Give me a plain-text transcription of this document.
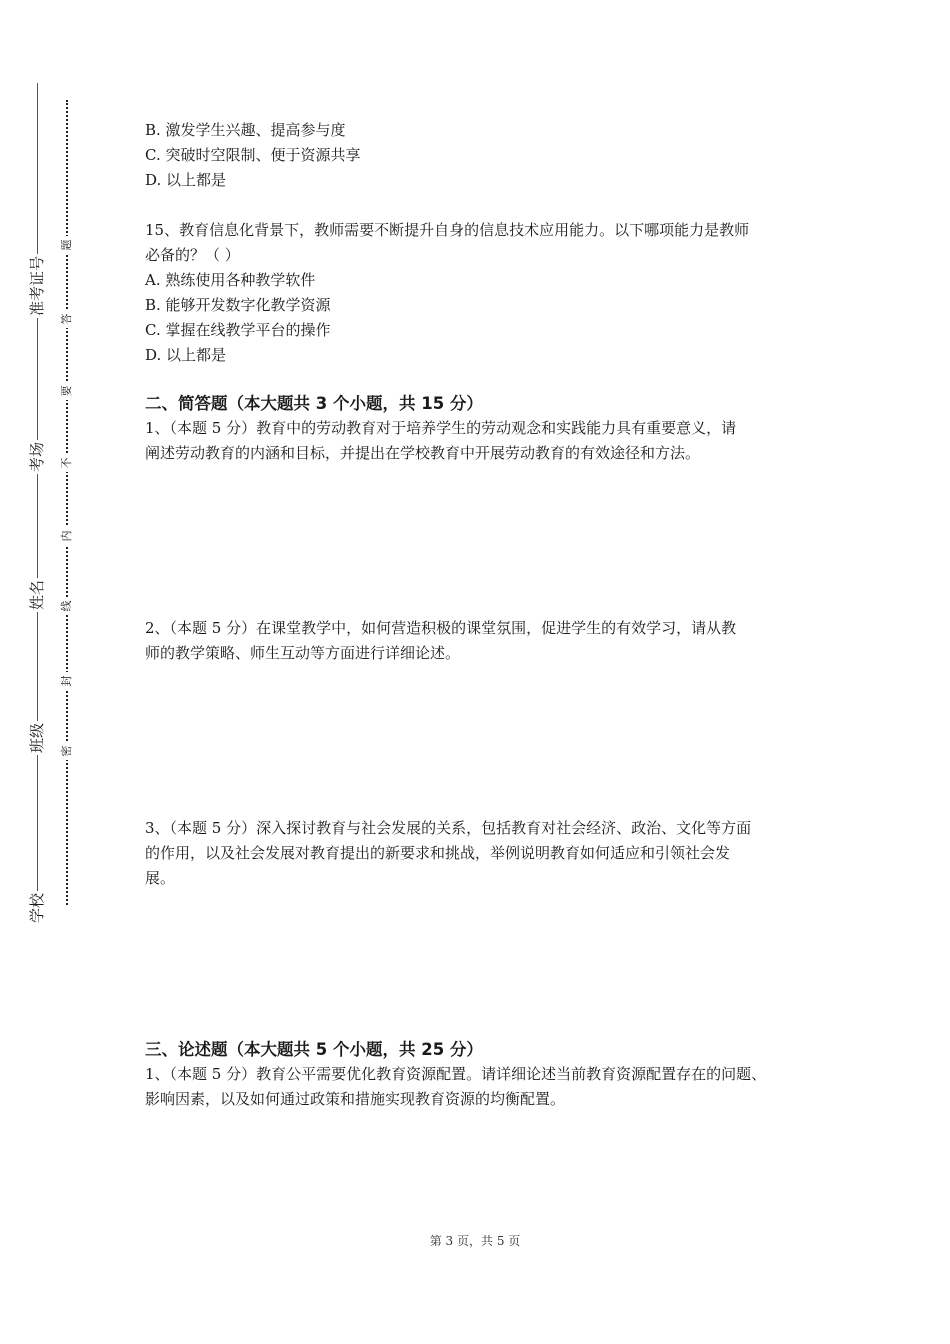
准考证号
考场
姓名
班级
学校
题
答
要
不
内
线
封
密
B. 激发学生兴趣、提高参与度
C. 突破时空限制、便于资源共享
D. 以上都是
15、教育信息化背景下，教师需要不断提升自身的信息技术应用能力。以下哪项能力是教师
必备的？（ ）
A. 熟练使用各种教学软件
B. 能够开发数字化教学资源
C. 掌握在线教学平台的操作
D. 以上都是
二、简答题（本大题共 3 个小题，共 15 分）
1、（本题 5 分）教育中的劳动教育对于培养学生的劳动观念和实践能力具有重要意义，请
阐述劳动教育的内涵和目标，并提出在学校教育中开展劳动教育的有效途径和方法。
2、（本题 5 分）在课堂教学中，如何营造积极的课堂氛围，促进学生的有效学习，请从教
师的教学策略、师生互动等方面进行详细论述。
3、（本题 5 分）深入探讨教育与社会发展的关系，包括教育对社会经济、政治、文化等方面
的作用，以及社会发展对教育提出的新要求和挑战，举例说明教育如何适应和引领社会发
展。
三、论述题（本大题共 5 个小题，共 25 分）
1、（本题 5 分）教育公平需要优化教育资源配置。请详细论述当前教育资源配置存在的问题、
影响因素，以及如何通过政策和措施实现教育资源的均衡配置。
第 3 页，共 5 页
